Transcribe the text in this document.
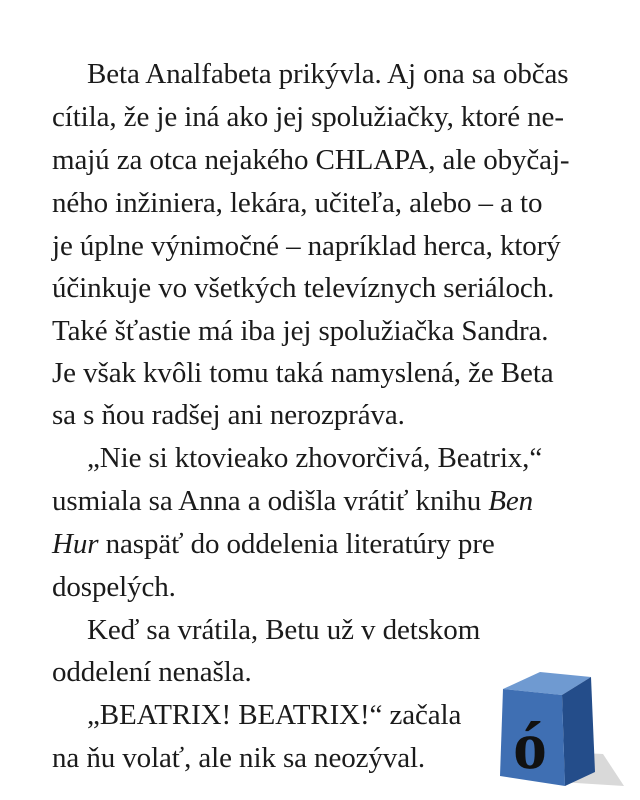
Beta Analfabeta prikývla. Aj ona sa občas
cítila, že je iná ako jej spolužiačky, ktoré ne-
majú za otca nejakého CHLAPA, ale obyčaj-
ného inžiniera, lekára, učiteľa, alebo – a to
je úplne výnimočné – napríklad herca, ktorý
účinkuje vo všetkých televíznych seriáloch.
Také šťastie má iba jej spolužiačka Sandra.
Je však kvôli tomu taká namyslená, že Beta
sa s ňou radšej ani nerozpráva.
„Nie si ktovieako zhovorčivá, Beatrix,“
usmiala sa Anna a odišla vrátiť knihu Ben
Hur naspäť do oddelenia literatúry pre
dospelých.
Keď sa vrátila, Betu už v detskom
oddelení nenašla.
„BEATRIX! BEATRIX!“ začala
na ňu volať, ale nik sa neozýval. ó
